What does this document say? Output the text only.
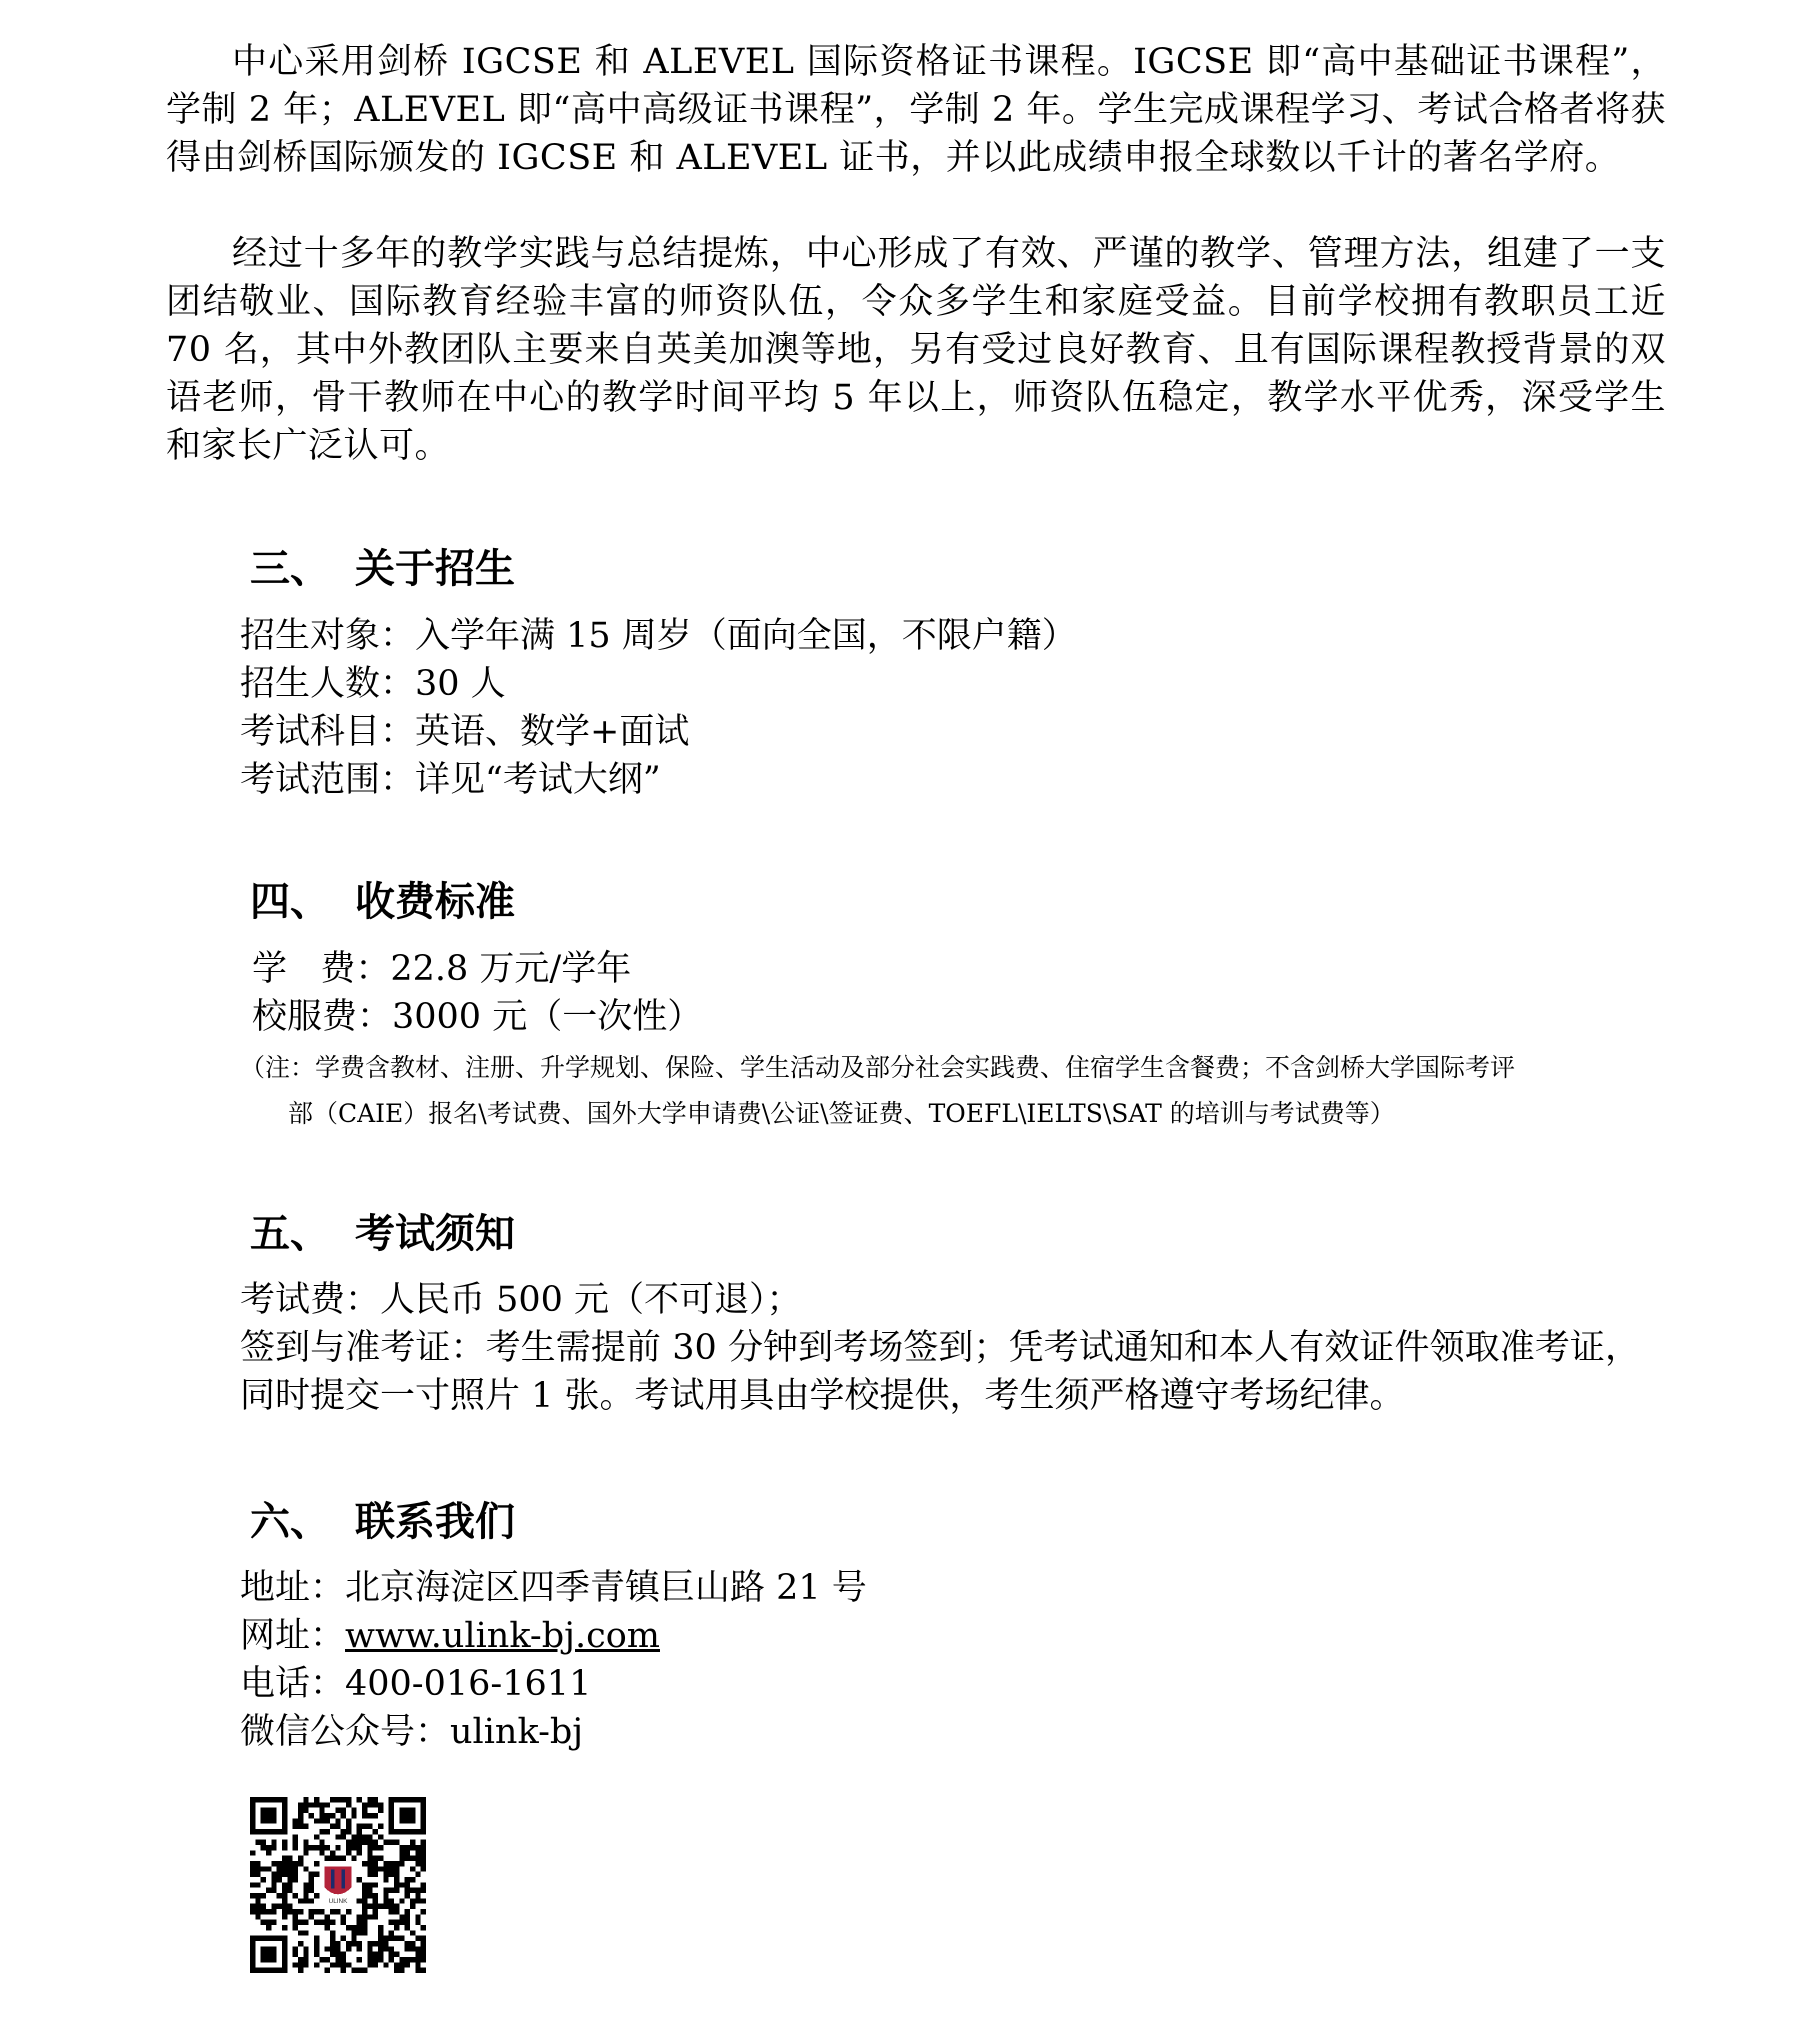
中心采用剑桥 IGCSE 和 ALEVEL 国际资格证书课程。IGCSE 即“高中基础证书课程”，学制 2 年；ALEVEL 即“高中高级证书课程”，学制 2 年。学生完成课程学习、考试合格者将获得由剑桥国际颁发的 IGCSE 和 ALEVEL 证书，并以此成绩申报全球数以千计的著名学府。

经过十多年的教学实践与总结提炼，中心形成了有效、严谨的教学、管理方法，组建了一支团结敬业、国际教育经验丰富的师资队伍，令众多学生和家庭受益。目前学校拥有教职员工近 70 名，其中外教团队主要来自英美加澳等地，另有受过良好教育、且有国际课程教授背景的双语老师，骨干教师在中心的教学时间平均 5 年以上，师资队伍稳定，教学水平优秀，深受学生和家长广泛认可。

三、 关于招生

招生对象：入学年满 15 周岁（面向全国，不限户籍）

招生人数：30 人

考试科目：英语、数学+面试

考试范围：详见“考试大纲”

四、 收费标准

学   费：22.8 万元/学年

校服费：3000 元（一次性）

（注：学费含教材、注册、升学规划、保险、学生活动及部分社会实践费、住宿学生含餐费；不含剑桥大学国际考评
部（CAIE）报名\考试费、国外大学申请费\公证\签证费、TOEFL\IELTS\SAT 的培训与考试费等）

五、 考试须知

考试费：人民币 500 元（不可退）；

签到与准考证：考生需提前 30 分钟到考场签到；凭考试通知和本人有效证件领取准考证，同时提交一寸照片 1 张。考试用具由学校提供，考生须严格遵守考场纪律。

六、 联系我们

地址：北京海淀区四季青镇巨山路 21 号

网址：www.ulink-bj.com

电话：400-016-1611

微信公众号：ulink-bj

ULINK
